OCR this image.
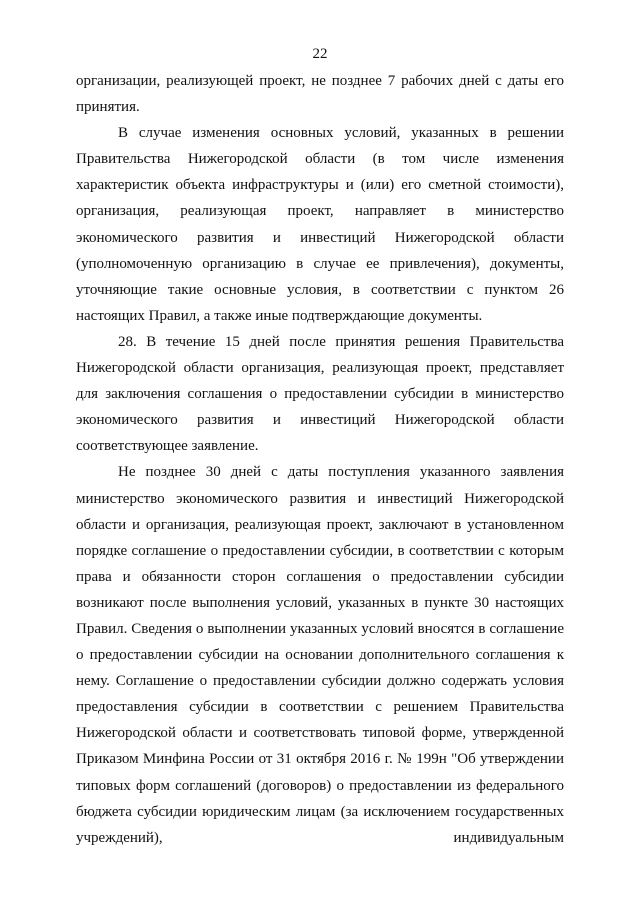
22

организации, реализующей проект, не позднее 7 рабочих дней с даты его принятия.

В случае изменения основных условий, указанных в решении Правительства Нижегородской области (в том числе изменения характеристик объекта инфраструктуры и (или) его сметной стоимости), организация, реализующая проект, направляет в министерство экономического развития и инвестиций Нижегородской области (уполномоченную организацию в случае ее привлечения), документы, уточняющие такие основные условия, в соответствии с пунктом 26 настоящих Правил, а также иные подтверждающие документы.

28. В течение 15 дней после принятия решения Правительства Нижегородской области организация, реализующая проект, представляет для заключения соглашения о предоставлении субсидии в министерство экономического развития и инвестиций Нижегородской области соответствующее заявление.

Не позднее 30 дней с даты поступления указанного заявления министерство экономического развития и инвестиций Нижегородской области и организация, реализующая проект, заключают в установленном порядке соглашение о предоставлении субсидии, в соответствии с которым права и обязанности сторон соглашения о предоставлении субсидии возникают после выполнения условий, указанных в пункте 30 настоящих Правил. Сведения о выполнении указанных условий вносятся в соглашение о предоставлении субсидии на основании дополнительного соглашения к нему. Соглашение о предоставлении субсидии должно содержать условия предоставления субсидии в соответствии с решением Правительства Нижегородской области и соответствовать типовой форме, утвержденной Приказом Минфина России от 31 октября 2016 г. № 199н "Об утверждении типовых форм соглашений (договоров) о предоставлении из федерального бюджета субсидии юридическим лицам (за исключением государственных учреждений), индивидуальным
